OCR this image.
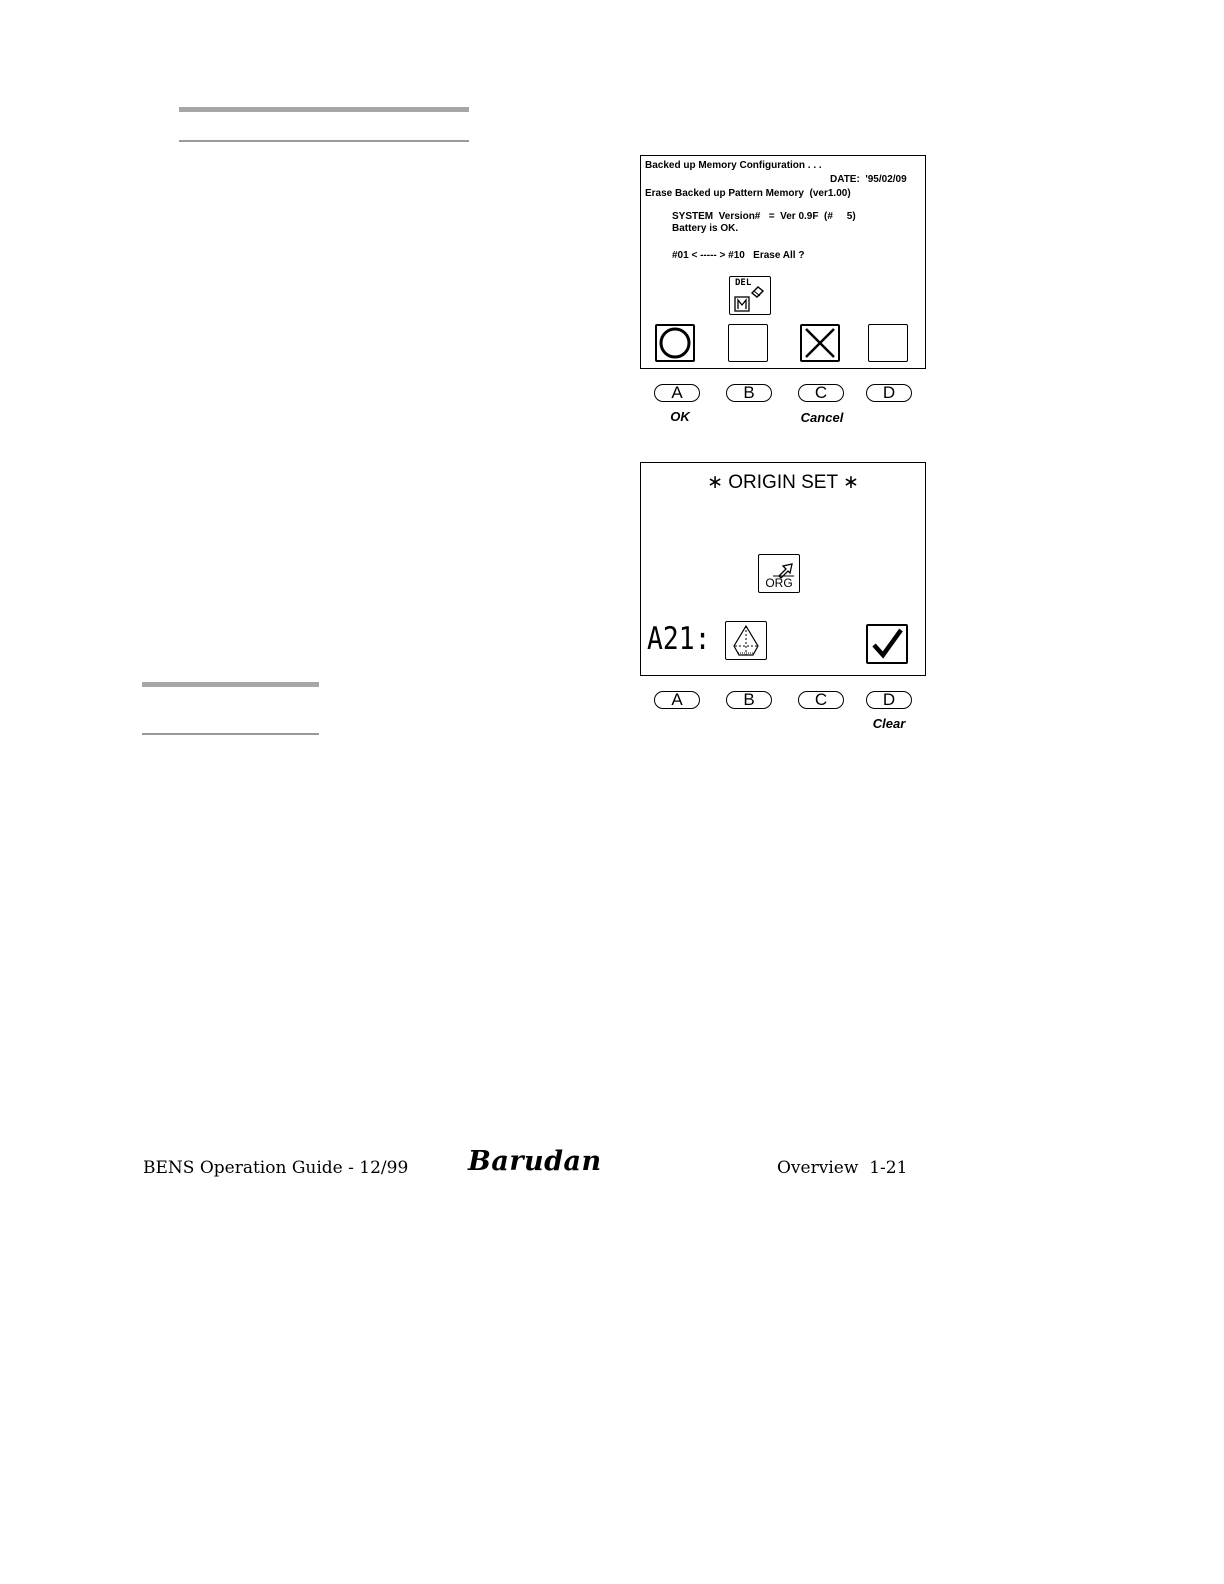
Backed up Memory Configuration . . .
DATE:  '95/02/09
Erase Backed up Pattern Memory  (ver1.00)
SYSTEM  Version#   =  Ver 0.9F  (#     5)
Battery is OK.
#01 < ----- > #10   Erase All ?
DEL
A	B	C	D
OK	Cancel
∗ ORIGIN SET ∗
ORG
A21:
A	B	C	D
Clear
BENS Operation Guide - 12/99 Barudan	Overview  1-21
